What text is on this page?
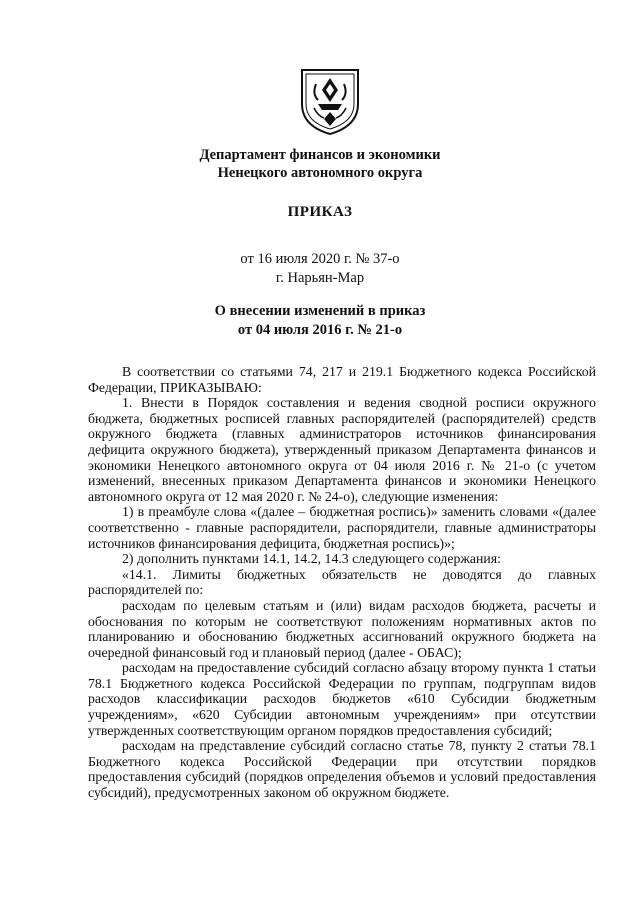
Департамент финансов и экономики
Ненецкого автономного округа
ПРИКАЗ
от 16 июля 2020 г. № 37-о
г. Нарьян-Мар
О внесении изменений в приказ
от 04 июля 2016 г. № 21-о

В соответствии со статьями 74, 217 и 219.1 Бюджетного кодекса Российской Федерации, ПРИКАЗЫВАЮ:

1. Внести в Порядок составления и ведения сводной росписи окружного бюджета, бюджетных росписей главных распорядителей (распорядителей) средств окружного бюджета (главных администраторов источников финансирования дефицита окружного бюджета), утвержденный приказом Департамента финансов и экономики Ненецкого автономного округа от 04 июля 2016 г. № 21-о (с учетом изменений, внесенных приказом Департамента финансов и экономики Ненецкого автономного округа от 12 мая 2020 г. № 24-о), следующие изменения:

1) в преамбуле слова «(далее – бюджетная роспись)» заменить словами «(далее соответственно - главные распорядители, распорядители, главные администраторы источников финансирования дефицита, бюджетная роспись)»;

2) дополнить пунктами 14.1, 14.2, 14.3 следующего содержания:

«14.1. Лимиты бюджетных обязательств не доводятся до главных распорядителей по:

расходам по целевым статьям и (или) видам расходов бюджета, расчеты и обоснования по которым не соответствуют положениям нормативных актов по планированию и обоснованию бюджетных ассигнований окружного бюджета на очередной финансовый год и плановый период (далее - ОБАС);

расходам на предоставление субсидий согласно абзацу второму пункта 1 статьи 78.1 Бюджетного кодекса Российской Федерации по группам, подгруппам видов расходов классификации расходов бюджетов «610 Субсидии бюджетным учреждениям», «620 Субсидии автономным учреждениям» при отсутствии утвержденных соответствующим органом порядков предоставления субсидий;

расходам на представление субсидий согласно статье 78, пункту 2 статьи 78.1 Бюджетного кодекса Российской Федерации при отсутствии порядков предоставления субсидий (порядков определения объемов и условий предоставления субсидий), предусмотренных законом об окружном бюджете.
